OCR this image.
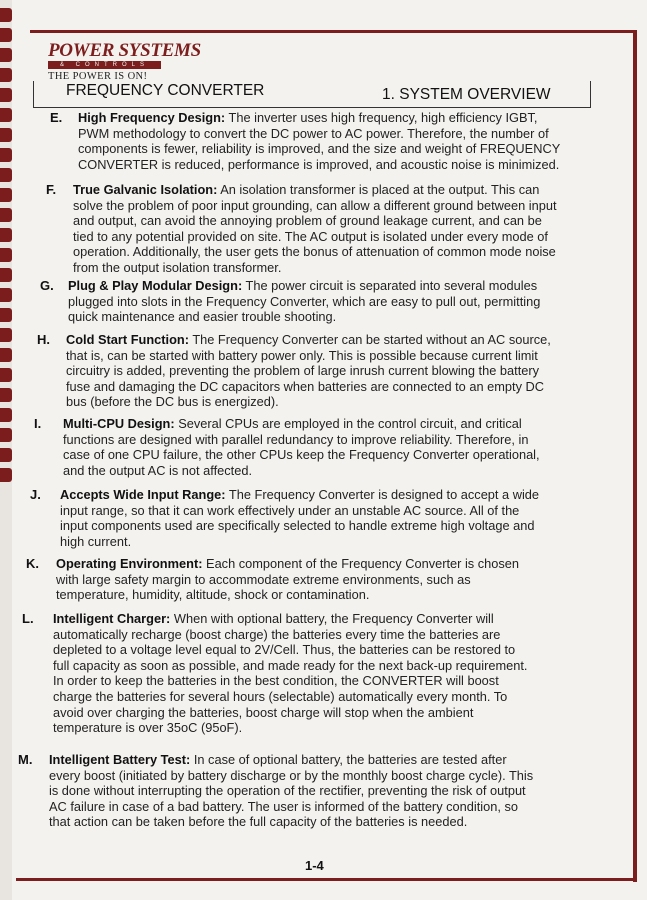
POWER SYSTEMS
& CONTROLS
THE POWER IS ON!
FREQUENCY CONVERTER	1. SYSTEM OVERVIEW
E. High Frequency Design: The inverter uses high frequency, high efficiency IGBT,
PWM methodology to convert the DC power to AC power. Therefore, the number of
components is fewer, reliability is improved, and the size and weight of FREQUENCY
CONVERTER is reduced, performance is improved, and acoustic noise is minimized.
F. True Galvanic Isolation: An isolation transformer is placed at the output. This can
solve the problem of poor input grounding, can allow a different ground between input
and output, can avoid the annoying problem of ground leakage current, and can be
tied to any potential provided on site. The AC output is isolated under every mode of
operation. Additionally, the user gets the bonus of attenuation of common mode noise
from the output isolation transformer.
G. Plug & Play Modular Design: The power circuit is separated into several modules
plugged into slots in the Frequency Converter, which are easy to pull out, permitting
quick maintenance and easier trouble shooting.
H. Cold Start Function: The Frequency Converter can be started without an AC source,
that is, can be started with battery power only. This is possible because current limit
circuitry is added, preventing the problem of large inrush current blowing the battery
fuse and damaging the DC capacitors when batteries are connected to an empty DC
bus (before the DC bus is energized).
I. Multi-CPU Design: Several CPUs are employed in the control circuit, and critical
functions are designed with parallel redundancy to improve reliability. Therefore, in
case of one CPU failure, the other CPUs keep the Frequency Converter operational,
and the output AC is not affected.
J. Accepts Wide Input Range: The Frequency Converter is designed to accept a wide
input range, so that it can work effectively under an unstable AC source. All of the
input components used are specifically selected to handle extreme high voltage and
high current.
K. Operating Environment: Each component of the Frequency Converter is chosen
with large safety margin to accommodate extreme environments, such as
temperature, humidity, altitude, shock or contamination.
L. Intelligent Charger: When with optional battery, the Frequency Converter will
automatically recharge (boost charge) the batteries every time the batteries are
depleted to a voltage level equal to 2V/Cell. Thus, the batteries can be restored to
full capacity as soon as possible, and made ready for the next back-up requirement.
In order to keep the batteries in the best condition, the CONVERTER will boost
charge the batteries for several hours (selectable) automatically every month. To
avoid over charging the batteries, boost charge will stop when the ambient
temperature is over 35oC (95oF).
M. Intelligent Battery Test: In case of optional battery, the batteries are tested after
every boost (initiated by battery discharge or by the monthly boost charge cycle). This
is done without interrupting the operation of the rectifier, preventing the risk of output
AC failure in case of a bad battery. The user is informed of the battery condition, so
that action can be taken before the full capacity of the batteries is needed.
1-4
